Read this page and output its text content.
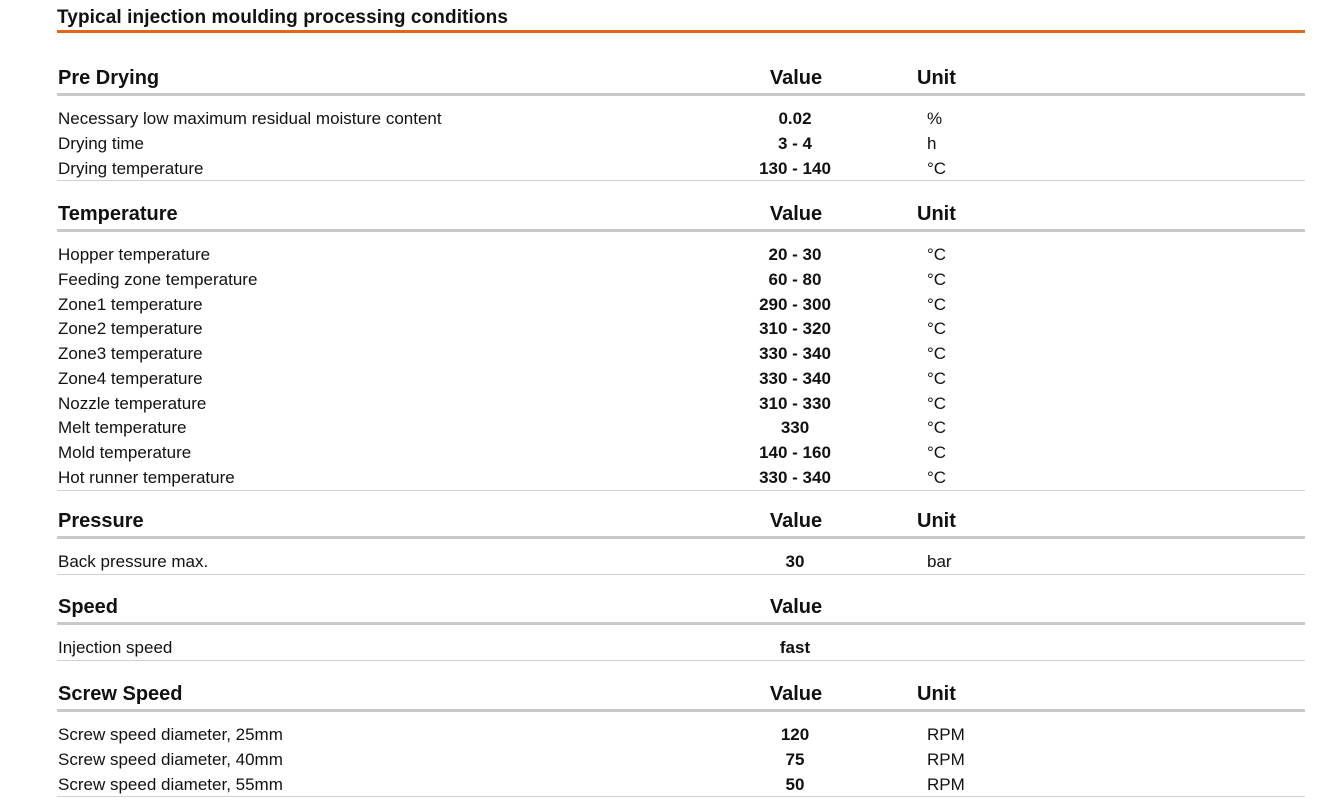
Typical injection moulding processing conditions
Pre Drying	Value	Unit
Necessary low maximum residual moisture content	0.02	%
Drying time	3 - 4	h
Drying temperature	130 - 140	°C
Temperature	Value	Unit
Hopper temperature	20 - 30	°C
Feeding zone temperature	60 - 80	°C
Zone1 temperature	290 - 300	°C
Zone2 temperature	310 - 320	°C
Zone3 temperature	330 - 340	°C
Zone4 temperature	330 - 340	°C
Nozzle temperature	310 - 330	°C
Melt temperature	330	°C
Mold temperature	140 - 160	°C
Hot runner temperature	330 - 340	°C
Pressure	Value	Unit
Back pressure max.	30	bar
Speed	Value
Injection speed	fast
Screw Speed	Value	Unit
Screw speed diameter, 25mm	120	RPM
Screw speed diameter, 40mm	75	RPM
Screw speed diameter, 55mm	50	RPM
